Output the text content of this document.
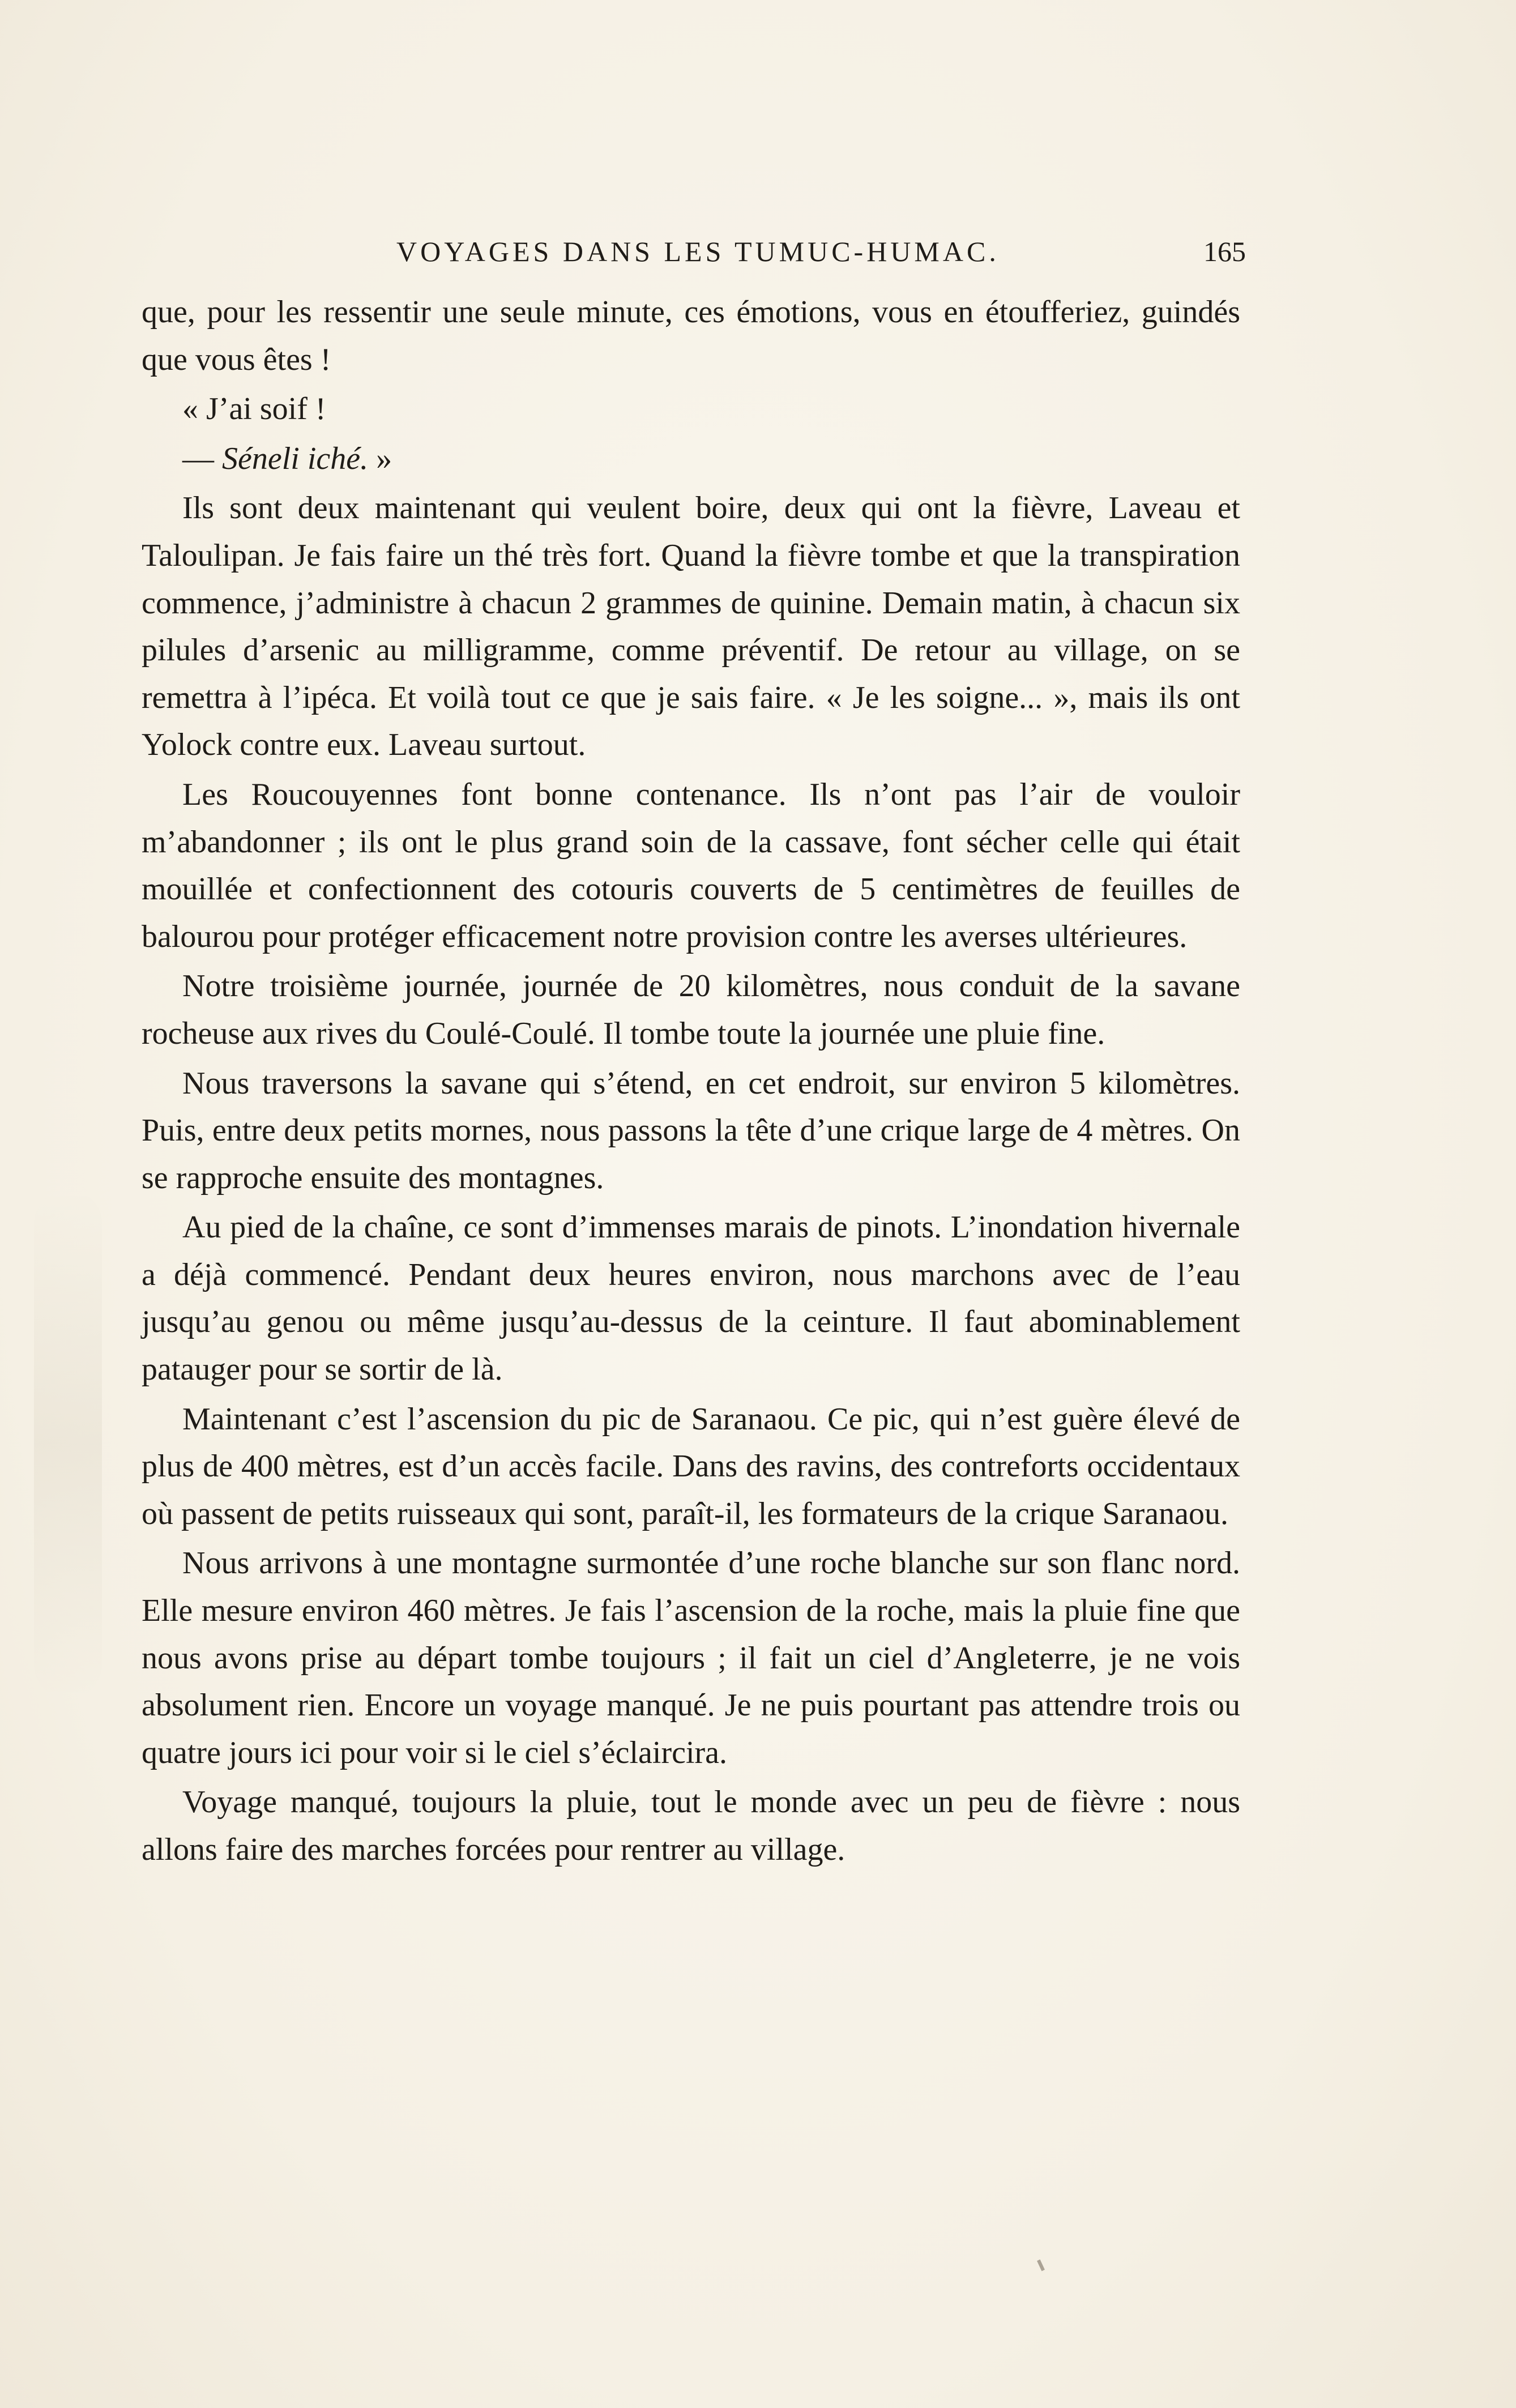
VOYAGES DANS LES TUMUC-HUMAC.	165

que, pour les ressentir une seule minute, ces émotions, vous en étoufferiez, guindés que vous êtes !

« J’ai soif !

— Séneli iché. »

Ils sont deux maintenant qui veulent boire, deux qui ont la fièvre, Laveau et Taloulipan. Je fais faire un thé très fort. Quand la fièvre tombe et que la transpiration commence, j’administre à chacun 2 grammes de quinine. Demain matin, à chacun six pilules d’arsenic au milligramme, comme préventif. De retour au village, on se remettra à l’ipéca. Et voilà tout ce que je sais faire. « Je les soigne... », mais ils ont Yolock contre eux. Laveau surtout.

Les Roucouyennes font bonne contenance. Ils n’ont pas l’air de vouloir m’abandonner ; ils ont le plus grand soin de la cassave, font sécher celle qui était mouillée et confectionnent des cotouris couverts de 5 centimètres de feuilles de balourou pour protéger efficacement notre provision contre les averses ultérieures.

Notre troisième journée, journée de 20 kilomètres, nous conduit de la savane rocheuse aux rives du Coulé-Coulé. Il tombe toute la journée une pluie fine.

Nous traversons la savane qui s’étend, en cet endroit, sur environ 5 kilomètres. Puis, entre deux petits mornes, nous passons la tête d’une crique large de 4 mètres. On se rapproche ensuite des montagnes.

Au pied de la chaîne, ce sont d’immenses marais de pinots. L’inondation hivernale a déjà commencé. Pendant deux heures environ, nous marchons avec de l’eau jusqu’au genou ou même jusqu’au-dessus de la ceinture. Il faut abominablement patauger pour se sortir de là.

Maintenant c’est l’ascension du pic de Saranaou. Ce pic, qui n’est guère élevé de plus de 400 mètres, est d’un accès facile. Dans des ravins, des contreforts occidentaux où passent de petits ruisseaux qui sont, paraît-il, les formateurs de la crique Saranaou.

Nous arrivons à une montagne surmontée d’une roche blanche sur son flanc nord. Elle mesure environ 460 mètres. Je fais l’ascension de la roche, mais la pluie fine que nous avons prise au départ tombe toujours ; il fait un ciel d’Angleterre, je ne vois absolument rien. Encore un voyage manqué. Je ne puis pourtant pas attendre trois ou quatre jours ici pour voir si le ciel s’éclaircira.

Voyage manqué, toujours la pluie, tout le monde avec un peu de fièvre : nous allons faire des marches forcées pour rentrer au village.
